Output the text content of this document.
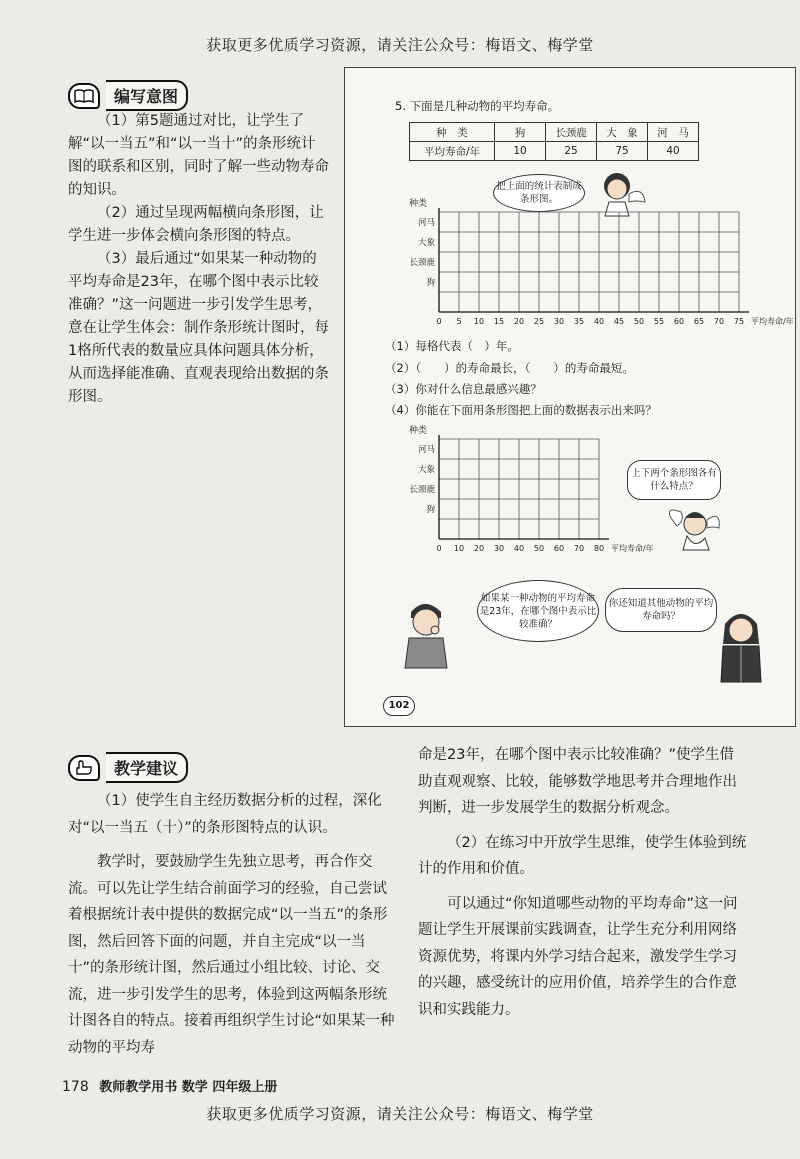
获取更多优质学习资源，请关注公众号：梅语文、梅学堂
编写意图

（1）第5题通过对比，让学生了解“以一当五”和“以一当十”的条形统计图的联系和区别，同时了解一些动物寿命的知识。

（2）通过呈现两幅横向条形图，让学生进一步体会横向条形图的特点。

（3）最后通过“如果某一种动物的平均寿命是23年，在哪个图中表示比较准确？”这一问题进一步引发学生思考，意在让学生体会：制作条形统计图时，每1格所代表的数量应具体问题具体分析，从而选择能准确、直观表现给出数据的条形图。

5. 下面是几种动物的平均寿命。
种　类	狗	长颈鹿	大　象	河　马
平均寿命/年	10	25	75	40
把上面的统计表制成条形图。
种类
河马
大象
长颈鹿
狗
0 5 10 15 20 25 30 35 40 45 50 55 60 65 70 75 平均寿命/年
（1）每格代表（　）年。
（2）（　　）的寿命最长，（　　）的寿命最短。
（3）你对什么信息最感兴趣？
（4）你能在下面用条形图把上面的数据表示出来吗？
种类
河马
大象
长颈鹿
狗
0 10 20 30 40 50 60 70 80 平均寿命/年
上下两个条形图各有什么特点？
如果某一种动物的平均寿命是23年，在哪个图中表示比较准确？
你还知道其他动物的平均寿命吗？
102
教学建议

（1）使学生自主经历数据分析的过程，深化对“以一当五（十）”的条形图特点的认识。

教学时，要鼓励学生先独立思考，再合作交流。可以先让学生结合前面学习的经验，自己尝试着根据统计表中提供的数据完成“以一当五”的条形图，然后回答下面的问题，并自主完成“以一当十”的条形统计图，然后通过小组比较、讨论、交流，进一步引发学生的思考，体验到这两幅条形统计图各自的特点。接着再组织学生讨论“如果某一种动物的平均寿

命是23年，在哪个图中表示比较准确？”使学生借助直观观察、比较，能够数学地思考并合理地作出判断，进一步发展学生的数据分析观念。

（2）在练习中开放学生思维，使学生体验到统计的作用和价值。

可以通过“你知道哪些动物的平均寿命”这一问题让学生开展课前实践调查，让学生充分利用网络资源优势，将课内外学习结合起来，激发学生学习的兴趣，感受统计的应用价值，培养学生的合作意识和实践能力。

178 教师教学用书 数学 四年级上册
获取更多优质学习资源，请关注公众号：梅语文、梅学堂
